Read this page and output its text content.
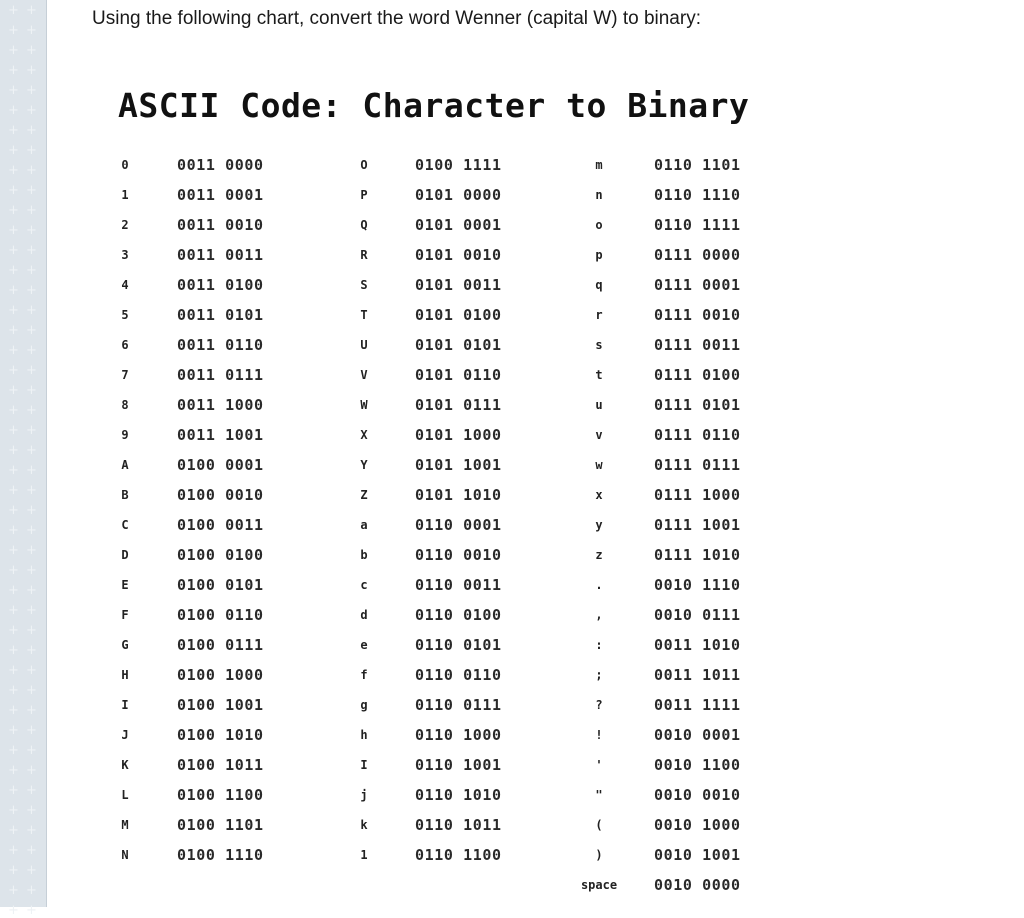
+ +
+ +
+ +
+ +
+ +
+ +
+ +
+ +
+ +
+ +
+ +
+ +
+ +
+ +
+ +
+ +
+ +
+ +
+ +
+ +
+ +
+ +
+ +
+ +
+ +
+ +
+ +
+ +
+ +
+ +
+ +
+ +
+ +
+ +
+ +
+ +
+ +
+ +
+ +
+ +
+ +
+ +
+ +
+ +
+ +
+ +
Using the following chart, convert the word Wenner (capital W) to binary:
ASCII Code: Character to Binary
0	0011 0000
1	0011 0001
2	0011 0010
3	0011 0011
4	0011 0100
5	0011 0101
6	0011 0110
7	0011 0111
8	0011 1000
9	0011 1001
A	0100 0001
B	0100 0010
C	0100 0011
D	0100 0100
E	0100 0101
F	0100 0110
G	0100 0111
H	0100 1000
I	0100 1001
J	0100 1010
K	0100 1011
L	0100 1100
M	0100 1101
N	0100 1110
O	0100 1111
P	0101 0000
Q	0101 0001
R	0101 0010
S	0101 0011
T	0101 0100
U	0101 0101
V	0101 0110
W	0101 0111
X	0101 1000
Y	0101 1001
Z	0101 1010
a	0110 0001
b	0110 0010
c	0110 0011
d	0110 0100
e	0110 0101
f	0110 0110
g	0110 0111
h	0110 1000
I	0110 1001
j	0110 1010
k	0110 1011
1	0110 1100
m	0110 1101
n	0110 1110
o	0110 1111
p	0111 0000
q	0111 0001
r	0111 0010
s	0111 0011
t	0111 0100
u	0111 0101
v	0111 0110
w	0111 0111
x	0111 1000
y	0111 1001
z	0111 1010
.	0010 1110
,	0010 0111
:	0011 1010
;	0011 1011
?	0011 1111
!	0010 0001
'	0010 1100
"	0010 0010
(	0010 1000
)	0010 1001
space	0010 0000
